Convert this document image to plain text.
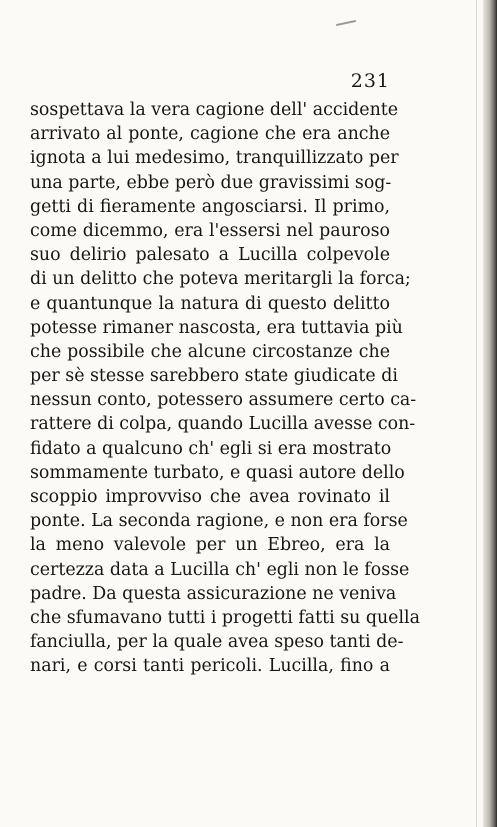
231
sospettava la vera cagione dell' accidente
arrivato al ponte, cagione che era anche
ignota a lui medesimo, tranquillizzato per
una parte, ebbe però due gravissimi sog-
getti di fieramente angosciarsi. Il primo,
come dicemmo, era l'essersi nel pauroso
suo delirio palesato a Lucilla colpevole
di un delitto che poteva meritargli la forca;
e quantunque la natura di questo delitto
potesse rimaner nascosta, era tuttavia più
che possibile che alcune circostanze che
per sè stesse sarebbero state giudicate di
nessun conto, potessero assumere certo ca-
rattere di colpa, quando Lucilla avesse con-
fidato a qualcuno ch' egli si era mostrato
sommamente turbato, e quasi autore dello
scoppio improvviso che avea rovinato il
ponte. La seconda ragione, e non era forse
la meno valevole per un Ebreo, era la
certezza data a Lucilla ch' egli non le fosse
padre. Da questa assicurazione ne veniva
che sfumavano tutti i progetti fatti su quella
fanciulla, per la quale avea speso tanti de-
nari, e corsi tanti pericoli. Lucilla, fino a
